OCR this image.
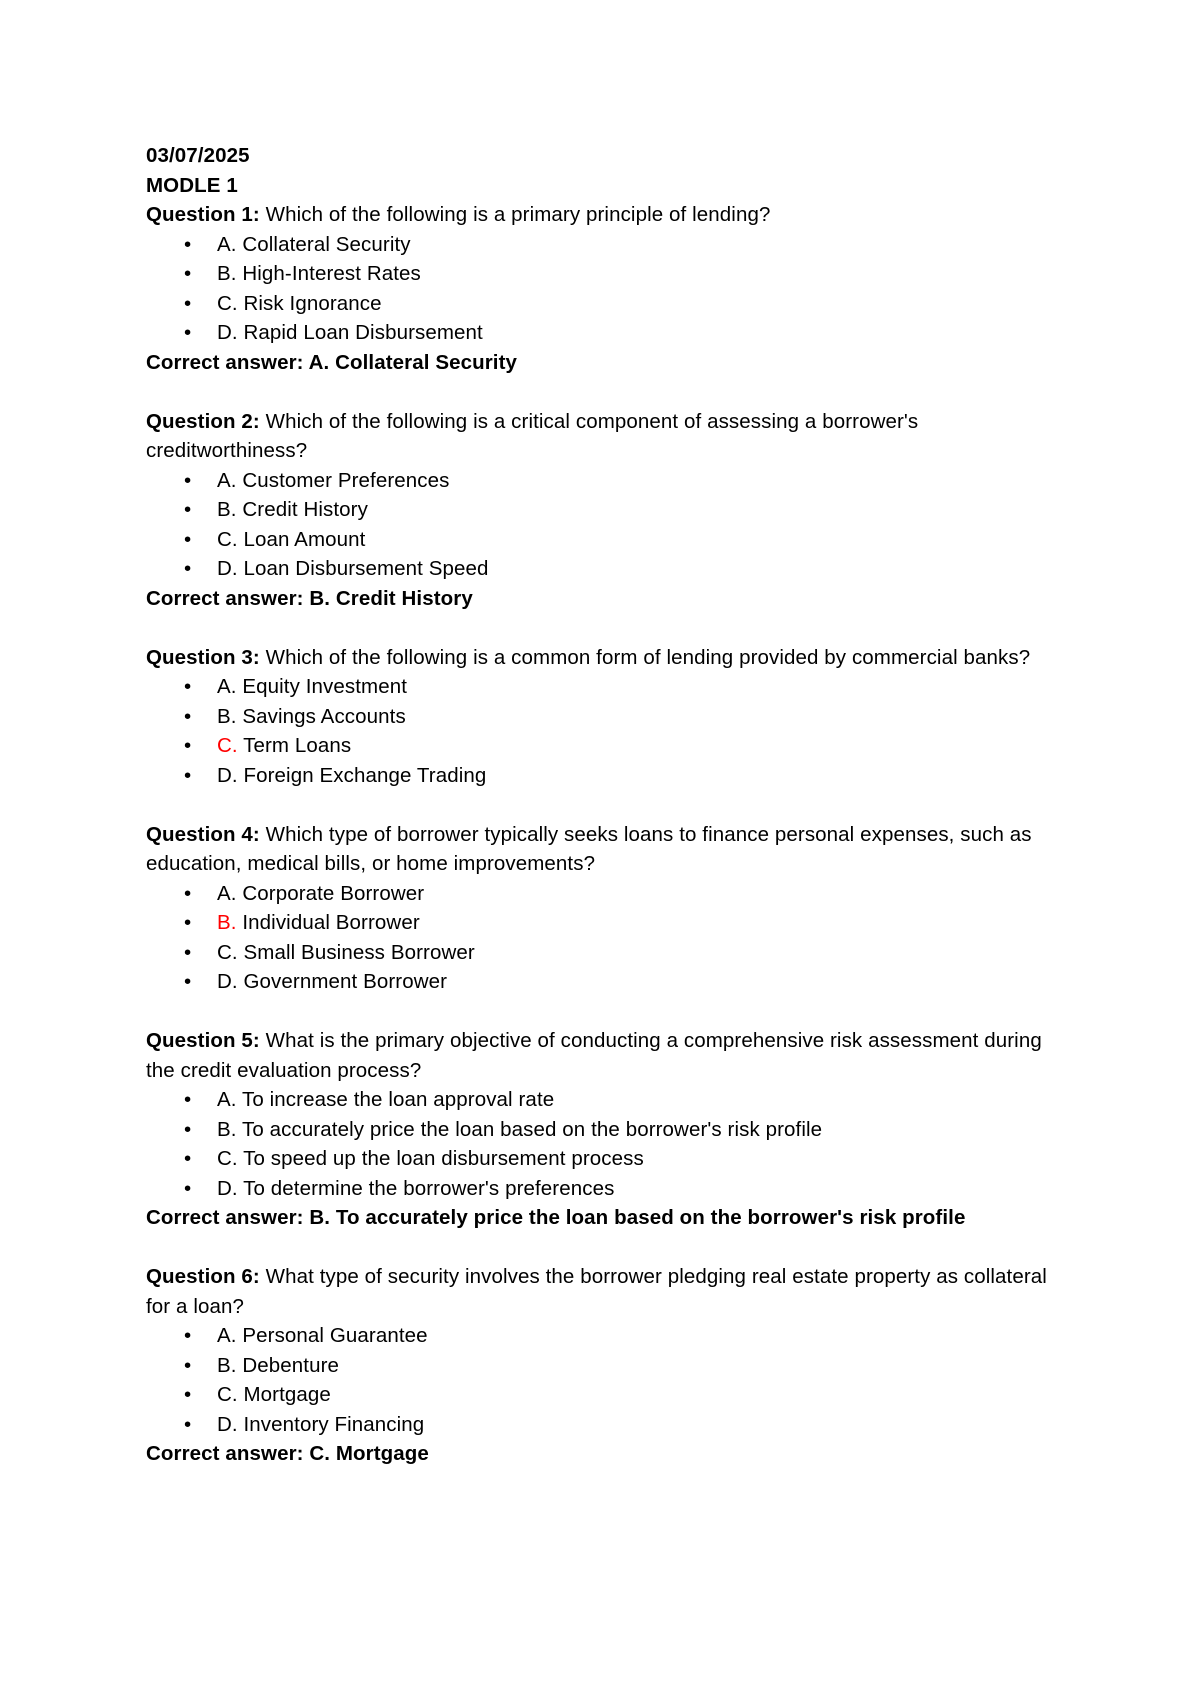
03/07/2025

MODLE 1

Question 1: Which of the following is a primary principle of lending?

• A. Collateral Security
• B. High-Interest Rates
• C. Risk Ignorance
• D. Rapid Loan Disbursement

Correct answer: A. Collateral Security

Question 2: Which of the following is a critical component of assessing a borrower's creditworthiness?

• A. Customer Preferences
• B. Credit History
• C. Loan Amount
• D. Loan Disbursement Speed

Correct answer: B. Credit History

Question 3: Which of the following is a common form of lending provided by commercial banks?

• A. Equity Investment
• B. Savings Accounts
• C. Term Loans
• D. Foreign Exchange Trading

Question 4: Which type of borrower typically seeks loans to finance personal expenses, such as education, medical bills, or home improvements?

• A. Corporate Borrower
• B. Individual Borrower
• C. Small Business Borrower
• D. Government Borrower

Question 5: What is the primary objective of conducting a comprehensive risk assessment during the credit evaluation process?

• A. To increase the loan approval rate
• B. To accurately price the loan based on the borrower's risk profile
• C. To speed up the loan disbursement process
• D. To determine the borrower's preferences

Correct answer: B. To accurately price the loan based on the borrower's risk profile

Question 6: What type of security involves the borrower pledging real estate property as collateral for a loan?

• A. Personal Guarantee
• B. Debenture
• C. Mortgage
• D. Inventory Financing

Correct answer: C. Mortgage
